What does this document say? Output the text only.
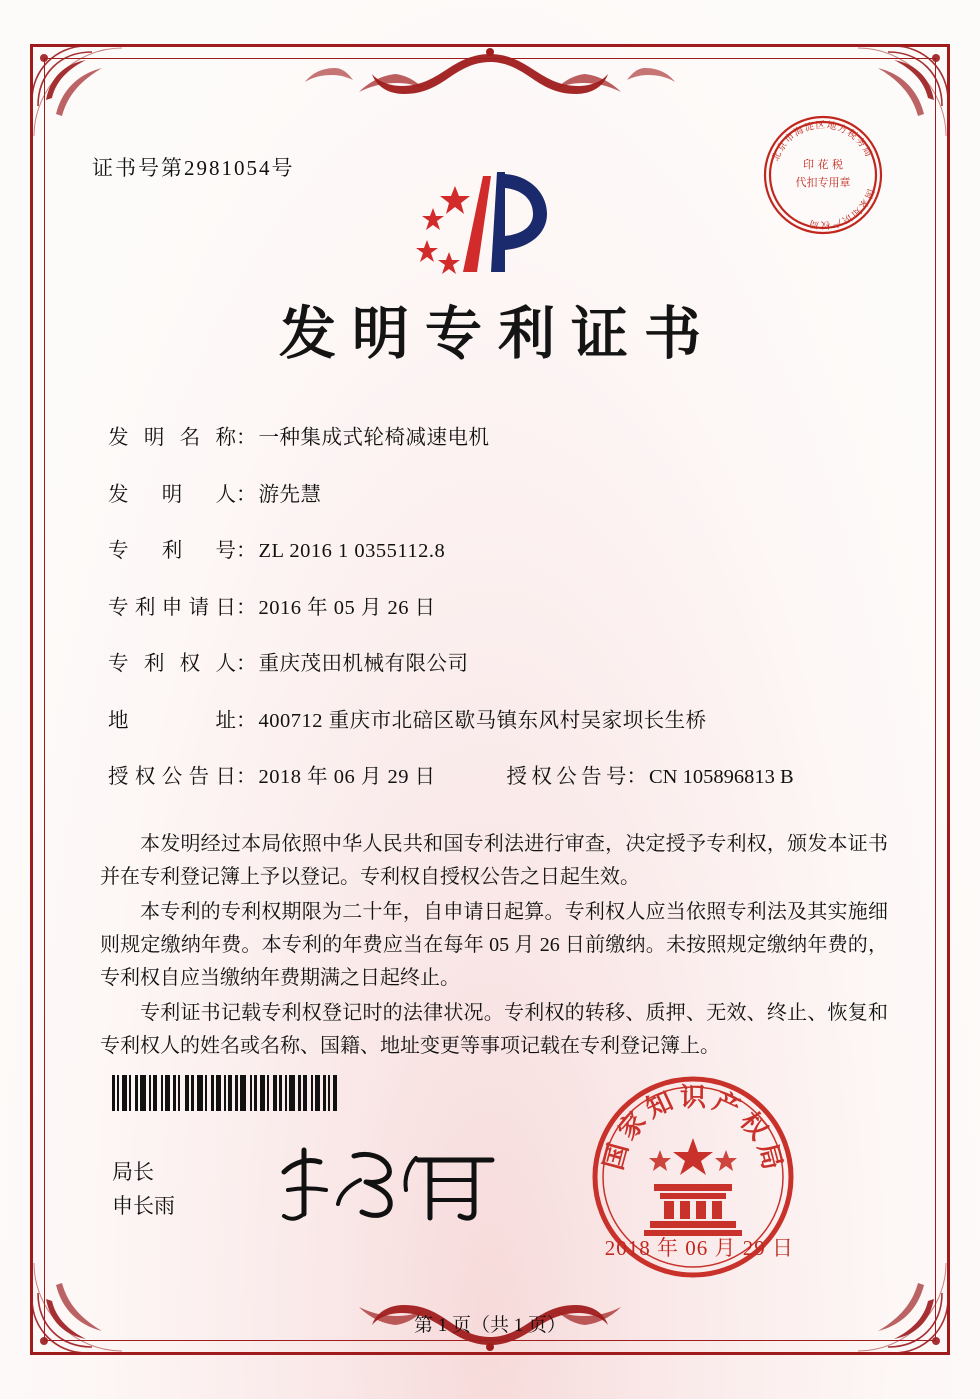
证书号第2981054号	北
京
市
海
淀 区 地
方
税
务
局
国
家
知
识
产
权
局
印 花 税
代扣专用章
发明专利证书
发 明 名 称 ： 一种集成式轮椅减速电机
发 明 人 ： 游先慧
专 利 号 ： ZL 2016 1 0355112.8
专 利 申 请 日 ： 2016 年 05 月 26 日
专 利 权 人 ： 重庆茂田机械有限公司
地	址 ： 400712 重庆市北碚区歇马镇东风村吴家坝长生桥
授 权 公 告 日 ： 2018 年 06 月 29 日	授 权 公 告 号 ： CN 105896813 B

本发明经过本局依照中华人民共和国专利法进行审查，决定授予专利权，颁发本证书并在专利登记簿上予以登记。专利权自授权公告之日起生效。

本专利的专利权期限为二十年，自申请日起算。专利权人应当依照专利法及其实施细则规定缴纳年费。本专利的年费应当在每年 05 月 26 日前缴纳。未按照规定缴纳年费的，专利权自应当缴纳年费期满之日起终止。

专利证书记载专利权登记时的法律状况。专利权的转移、质押、无效、终止、恢复和专利权人的姓名或名称、国籍、地址变更等事项记载在专利登记簿上。

局长
申长雨
国
家
知 识 产
权
局
2018 年 06 月 29 日
第 1 页（共 1 页）
